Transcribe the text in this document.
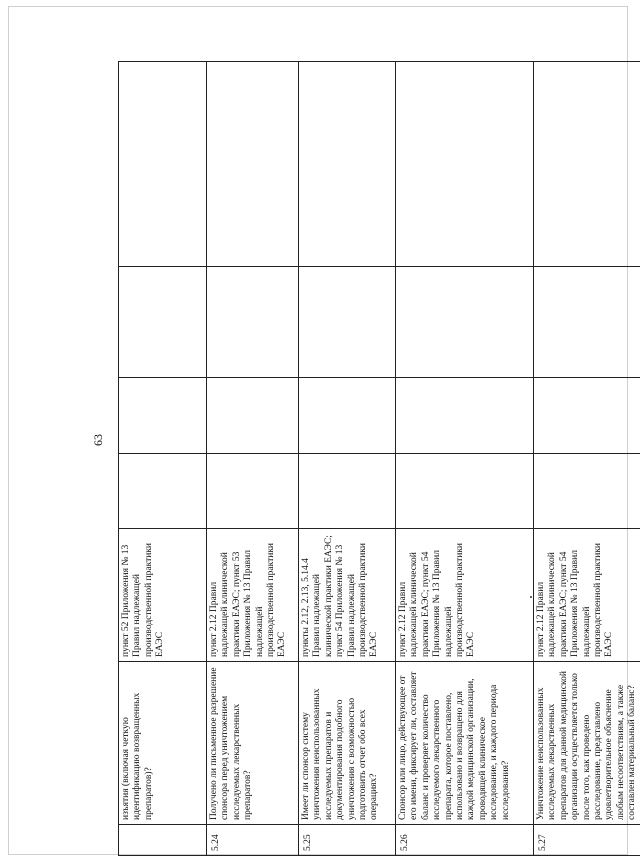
63
	изъятия (включая четкую идентификацию возвращенных препаратов)?	пункт 52 Приложения № 13 Правил надлежащей производственной практики ЕАЭС				
5.24	Получено ли письменное разрешение спонсора перед уничтожением исследуемых лекарственных препаратов?	пункт 2.12 Правил надлежащей клинической практики ЕАЭС; пункт 53 Приложения № 13 Правил надлежащей производственной практики ЕАЭС				
5.25	Имеет ли спонсор систему уничтожения неиспользованных исследуемых препаратов и документирования подобного уничтожения с возможностью подготовить отчет обо всех операциях?	пункты 2.12, 2.13, 5.14.4 Правил надлежащей клинической практики ЕАЭС; пункт 54 Приложения № 13 Правил надлежащей производственной практики ЕАЭС				
5.26	Спонсор или лицо, действующее от его имени, фиксирует ли, составляет баланс и проверяет количество исследуемого лекарственного препарата, которое поставлено, использовано и возвращено для каждой медицинской организации, проводящей клиническое исследование, и каждого периода исследования?	пункт 2.12 Правил надлежащей клинической практики ЕАЭС; пункт 54 Приложения № 13 Правил надлежащей производственной практики ЕАЭС				
5.27	Уничтожение неиспользованных исследуемых лекарственных препаратов для данной медицинской организации осуществляется только после того, как проведено расследование, представлено удовлетворительное объяснение любым несоответствиям, а также составлен материальный баланс?	пункт 2.12 Правил надлежащей клинической практики ЕАЭС; пункт 54 Приложения № 13 Правил надлежащей производственной практики ЕАЭС				
